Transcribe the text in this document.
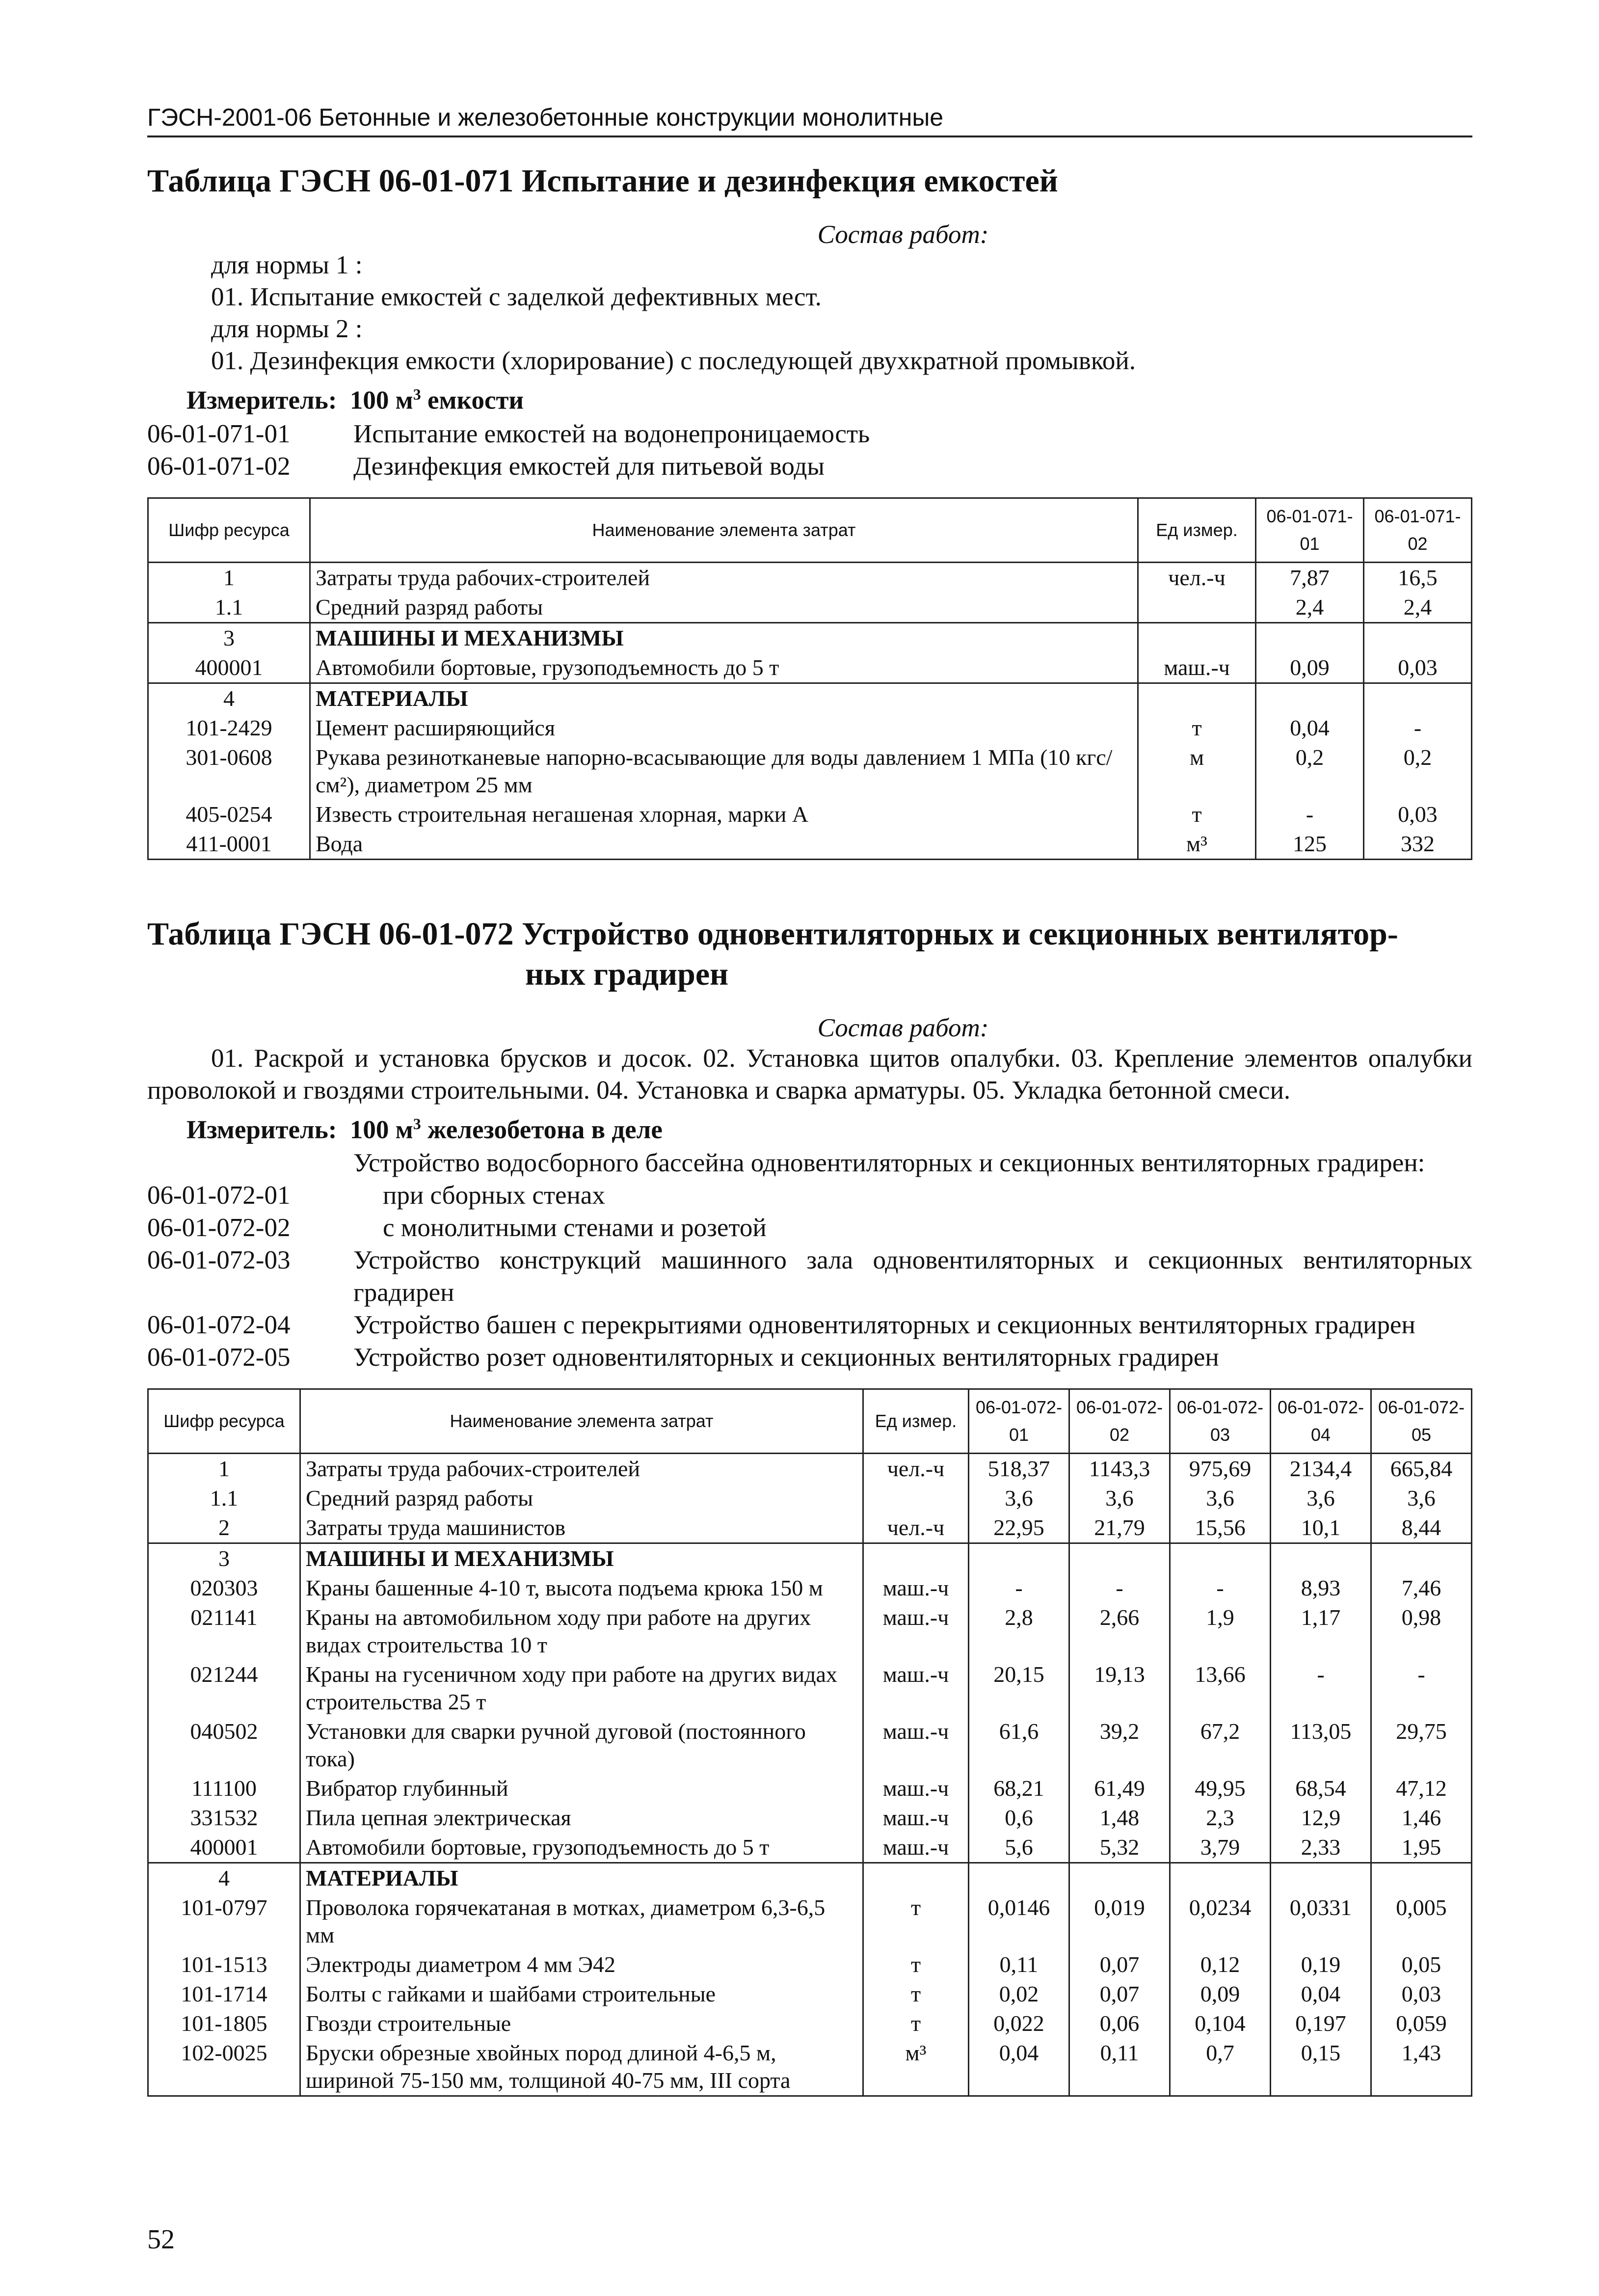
ГЭСН-2001-06 Бетонные и железобетонные конструкции монолитные
Таблица ГЭСН 06-01-071 Испытание и дезинфекция емкостей
Состав работ:
для нормы 1 :
01. Испытание емкостей с заделкой дефективных мест.
для нормы 2 :
01. Дезинфекция емкости (хлорирование) с последующей двухкратной промывкой.
Измеритель: 100 $м^3$ емкости
06-01-071-01	Испытание емкостей на водонепроницаемость
06-01-071-02	Дезинфекция емкостей для питьевой воды
Шифр ресурса	Наименование элемента затрат	Ед измер.	06-01-071-01	06-01-071-02
1	Затраты труда рабочих-строителей	чел.-ч	7,87	16,5
1.1	Средний разряд работы		2,4	2,4
3	МАШИНЫ И МЕХАНИЗМЫ			
400001	Автомобили бортовые, грузоподъемность до 5 т	маш.-ч	0,09	0,03
4	МАТЕРИАЛЫ			
101-2429	Цемент расширяющийся	т	0,04	-
301-0608	Рукава резинотканевые напорно-всасывающие для воды давлением 1 МПа (10 кгс/см²), диаметром 25 мм	м	0,2	0,2
405-0254	Известь строительная негашеная хлорная, марки А	т	-	0,03
411-0001	Вода	м³	125	332
Таблица ГЭСН 06-01-072 Устройство одновентиляторных и секционных вентилятор-
ных градирен
Состав работ:
01. Раскрой и установка брусков и досок. 02. Установка щитов опалубки. 03. Крепление элементов опалубки проволокой и гвоздями строительными. 04. Установка и сварка арматуры. 05. Укладка бетонной смеси.
Измеритель: 100 $м^3$ железобетона в деле
Устройство водосборного бассейна одновентиляторных и секционных вентиляторных градирен:
06-01-072-01	при сборных стенах
06-01-072-02	с монолитными стенами и розетой
06-01-072-03	Устройство конструкций машинного зала одновентиляторных и секционных вентиляторных градирен
06-01-072-04	Устройство башен с перекрытиями одновентиляторных и секционных вентиляторных градирен
06-01-072-05	Устройство розет одновентиляторных и секционных вентиляторных градирен
Шифр ресурса	Наименование элемента затрат	Ед измер.	06-01-072-01	06-01-072-02	06-01-072-03	06-01-072-04	06-01-072-05
1	Затраты труда рабочих-строителей	чел.-ч	518,37	1143,3	975,69	2134,4	665,84
1.1	Средний разряд работы		3,6	3,6	3,6	3,6	3,6
2	Затраты труда машинистов	чел.-ч	22,95	21,79	15,56	10,1	8,44
3	МАШИНЫ И МЕХАНИЗМЫ						
020303	Краны башенные 4-10 т, высота подъема крюка 150 м	маш.-ч	-	-	-	8,93	7,46
021141	Краны на автомобильном ходу при работе на других видах строительства 10 т	маш.-ч	2,8	2,66	1,9	1,17	0,98
021244	Краны на гусеничном ходу при работе на других видах строительства 25 т	маш.-ч	20,15	19,13	13,66	-	-
040502	Установки для сварки ручной дуговой (постоянного тока)	маш.-ч	61,6	39,2	67,2	113,05	29,75
111100	Вибратор глубинный	маш.-ч	68,21	61,49	49,95	68,54	47,12
331532	Пила цепная электрическая	маш.-ч	0,6	1,48	2,3	12,9	1,46
400001	Автомобили бортовые, грузоподъемность до 5 т	маш.-ч	5,6	5,32	3,79	2,33	1,95
4	МАТЕРИАЛЫ						
101-0797	Проволока горячекатаная в мотках, диаметром 6,3-6,5 мм	т	0,0146	0,019	0,0234	0,0331	0,005
101-1513	Электроды диаметром 4 мм Э42	т	0,11	0,07	0,12	0,19	0,05
101-1714	Болты с гайками и шайбами строительные	т	0,02	0,07	0,09	0,04	0,03
101-1805	Гвозди строительные	т	0,022	0,06	0,104	0,197	0,059
102-0025	Бруски обрезные хвойных пород длиной 4-6,5 м, шириной 75-150 мм, толщиной 40-75 мм, III сорта	м³	0,04	0,11	0,7	0,15	1,43
52
